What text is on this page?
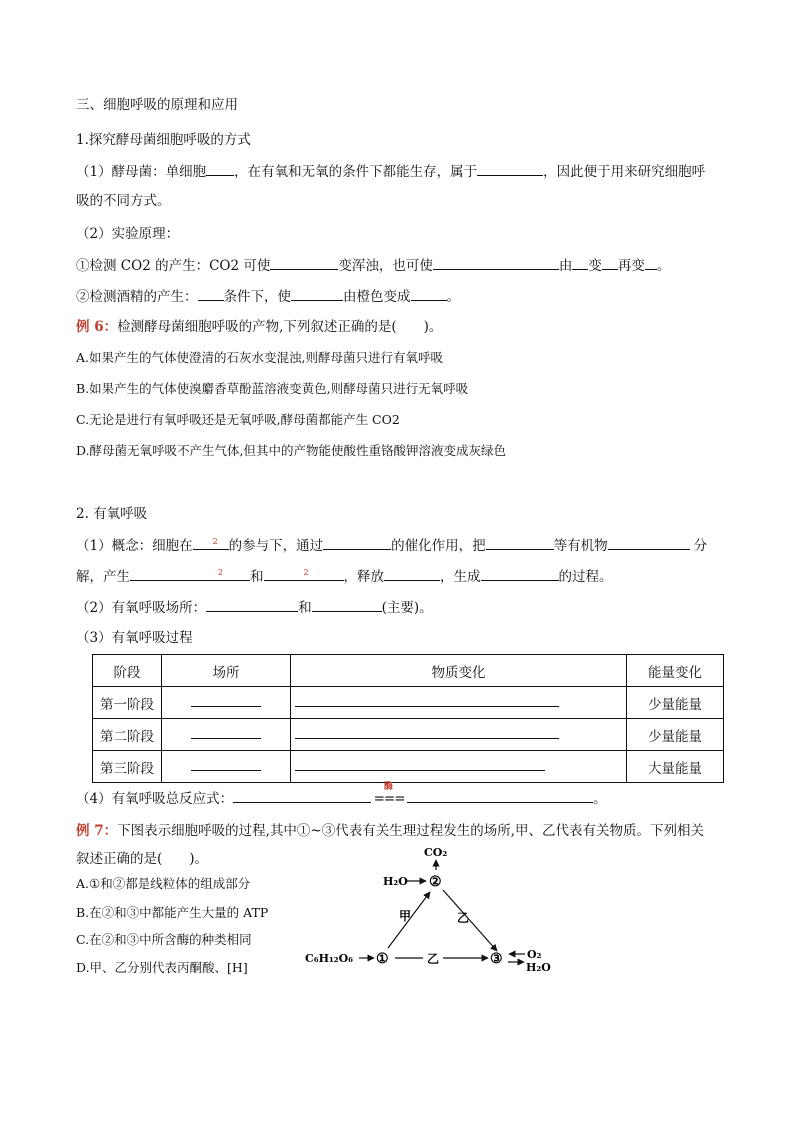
三、细胞呼吸的原理和应用
1.探究酵母菌细胞呼吸的方式
（1）酵母菌：单细胞 ，在有氧和无氧的条件下都能生存，属于	，因此便于用来研究细胞呼
吸的不同方式。
（2）实验原理：
①检测 CO2 的产生：CO2 可使	变浑浊，也可使	由 变 再变 。
②检测酒精的产生： 条件下，使	由橙色变成	。
例 6：检测酵母菌细胞呼吸的产物,下列叙述正确的是(　　)。
A.如果产生的气体使澄清的石灰水变混浊,则酵母菌只进行有氧呼吸
B.如果产生的气体使溴麝香草酚蓝溶液变黄色,则酵母菌只进行无氧呼吸
C.无论是进行有氧呼吸还是无氧呼吸,酵母菌都能产生 CO2
D.酵母菌无氧呼吸不产生气体,但其中的产物能使酸性重铬酸钾溶液变成灰绿色
2. 有氧呼吸
（1）概念：细胞在	2 的参与下，通过	的催化作用，把	等有机物	分
解，产生	2 和	2	，释放	，生成	的过程。
（2）有氧呼吸场所：	和	(主要)。
（3）有氧呼吸过程
阶段	场所	物质变化	能量变化
第一阶段			少量能量
第二阶段			少量能量
第三阶段			大量能量
（4）有氧呼吸总反应式：	===	。
酶
例 7：下图表示细胞呼吸的过程,其中①~③代表有关生理过程发生的场所,甲、乙代表有关物质。下列相关
叙述正确的是(　　)。
A.①和②都是线粒体的组成部分
B.在②和③中都能产生大量的 ATP
C.在②和③中所含酶的种类相同
D.甲、乙分别代表丙酮酸、[H]
CO₂
H₂O ②
甲	乙
C₆H₁₂O₆ ①	乙	③ O₂
H₂O
